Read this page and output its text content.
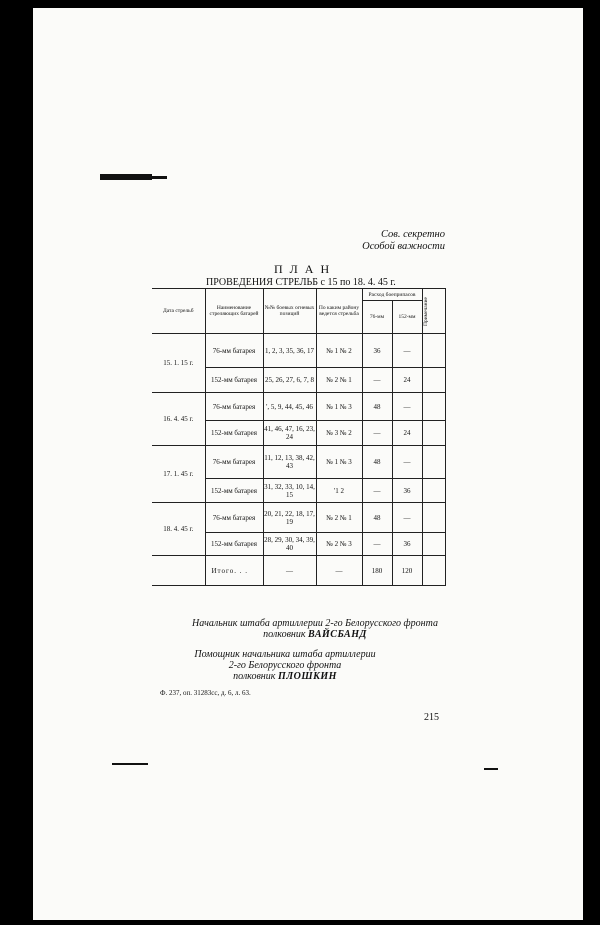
Сов. секретно
Особой важности
П Л А Н
ПРОВЕДЕНИЯ СТРЕЛЬБ с 15 по 18. 4. 45 г.
Дата стрельб	Наименование стреляющих батарей	№№ боевых огневых позиций	По каким району ведется стрельба	Расход боеприпасов		Примечание

				76-мм	152-мм	
15. 1. 15 г.	76-мм батарея	1, 2, 3, 35, 36, 17	№ 1 № 2	36	—	
	152-мм батарея	25, 26, 27, 6, 7, 8	№ 2 № 1	—	24	
16. 4. 45 г.	76-мм батарея	', 5, 9, 44, 45, 46	№ 1 № 3	48	—	
	152-мм батарея	41, 46, 47, 16, 23, 24	№ 3 № 2	—	24	
17. 1. 45 г.	76-мм батарея	11, 12, 13, 38, 42, 43	№ 1 № 3	48	—	
	152-мм батарея	31, 32, 33, 10, 14, 15	'1 2	—	36	
18. 4. 45 г.	76-мм батарея	20, 21, 22, 18, 17, 19	№ 2 № 1	48	—	
	152-мм батарея	28, 29, 30, 34, 39, 40	№ 2 № 3	—	36	
	Итого. . .	—	—	180	120	
Начальник штаба артиллерии 2-го Белорусского фронта
полковник ВАЙСБАНД
Помощник начальника штаба артиллерии
2-го Белорусского фронта
полковник ПЛОШКИН
Ф. 237, оп. 31283сс, д. 6, л. 63.
215
